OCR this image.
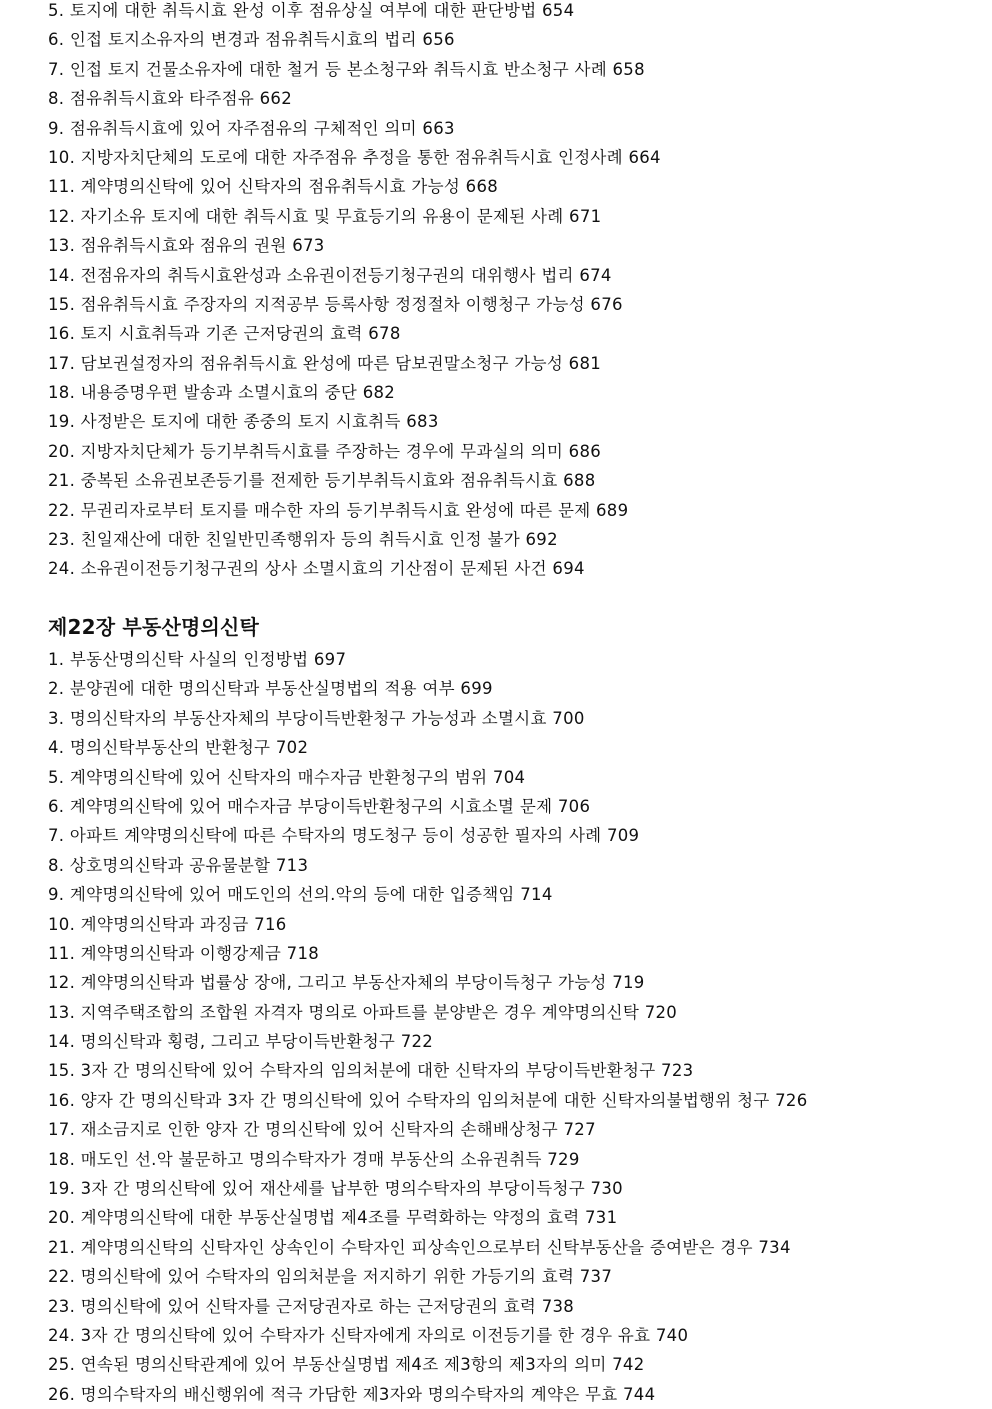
5. 토지에 대한 취득시효 완성 이후 점유상실 여부에 대한 판단방법 654
6. 인접 토지소유자의 변경과 점유취득시효의 법리 656
7. 인접 토지 건물소유자에 대한 철거 등 본소청구와 취득시효 반소청구 사례 658
8. 점유취득시효와 타주점유 662
9. 점유취득시효에 있어 자주점유의 구체적인 의미 663
10. 지방자치단체의 도로에 대한 자주점유 추정을 통한 점유취득시효 인정사례 664
11. 계약명의신탁에 있어 신탁자의 점유취득시효 가능성 668
12. 자기소유 토지에 대한 취득시효 및 무효등기의 유용이 문제된 사례 671
13. 점유취득시효와 점유의 권원 673
14. 전점유자의 취득시효완성과 소유권이전등기청구권의 대위행사 법리 674
15. 점유취득시효 주장자의 지적공부 등록사항 정정절차 이행청구 가능성 676
16. 토지 시효취득과 기존 근저당권의 효력 678
17. 담보권설정자의 점유취득시효 완성에 따른 담보권말소청구 가능성 681
18. 내용증명우편 발송과 소멸시효의 중단 682
19. 사정받은 토지에 대한 종중의 토지 시효취득 683
20. 지방자치단체가 등기부취득시효를 주장하는 경우에 무과실의 의미 686
21. 중복된 소유권보존등기를 전제한 등기부취득시효와 점유취득시효 688
22. 무권리자로부터 토지를 매수한 자의 등기부취득시효 완성에 따른 문제 689
23. 친일재산에 대한 친일반민족행위자 등의 취득시효 인정 불가 692
24. 소유권이전등기청구권의 상사 소멸시효의 기산점이 문제된 사건 694
제22장 부동산명의신탁
1. 부동산명의신탁 사실의 인정방법 697
2. 분양권에 대한 명의신탁과 부동산실명법의 적용 여부 699
3. 명의신탁자의 부동산자체의 부당이득반환청구 가능성과 소멸시효 700
4. 명의신탁부동산의 반환청구 702
5. 계약명의신탁에 있어 신탁자의 매수자금 반환청구의 범위 704
6. 계약명의신탁에 있어 매수자금 부당이득반환청구의 시효소멸 문제 706
7. 아파트 계약명의신탁에 따른 수탁자의 명도청구 등이 성공한 필자의 사례 709
8. 상호명의신탁과 공유물분할 713
9. 계약명의신탁에 있어 매도인의 선의.악의 등에 대한 입증책임 714
10. 계약명의신탁과 과징금 716
11. 계약명의신탁과 이행강제금 718
12. 계약명의신탁과 법률상 장애, 그리고 부동산자체의 부당이득청구 가능성 719
13. 지역주택조합의 조합원 자격자 명의로 아파트를 분양받은 경우 계약명의신탁 720
14. 명의신탁과 횡령, 그리고 부당이득반환청구 722
15. 3자 간 명의신탁에 있어 수탁자의 임의처분에 대한 신탁자의 부당이득반환청구 723
16. 양자 간 명의신탁과 3자 간 명의신탁에 있어 수탁자의 임의처분에 대한 신탁자의불법행위 청구 726
17. 재소금지로 인한 양자 간 명의신탁에 있어 신탁자의 손해배상청구 727
18. 매도인 선.악 불문하고 명의수탁자가 경매 부동산의 소유권취득 729
19. 3자 간 명의신탁에 있어 재산세를 납부한 명의수탁자의 부당이득청구 730
20. 계약명의신탁에 대한 부동산실명법 제4조를 무력화하는 약정의 효력 731
21. 계약명의신탁의 신탁자인 상속인이 수탁자인 피상속인으로부터 신탁부동산을 증여받은 경우 734
22. 명의신탁에 있어 수탁자의 임의처분을 저지하기 위한 가등기의 효력 737
23. 명의신탁에 있어 신탁자를 근저당권자로 하는 근저당권의 효력 738
24. 3자 간 명의신탁에 있어 수탁자가 신탁자에게 자의로 이전등기를 한 경우 유효 740
25. 연속된 명의신탁관계에 있어 부동산실명법 제4조 제3항의 제3자의 의미 742
26. 명의수탁자의 배신행위에 적극 가담한 제3자와 명의수탁자의 계약은 무효 744
